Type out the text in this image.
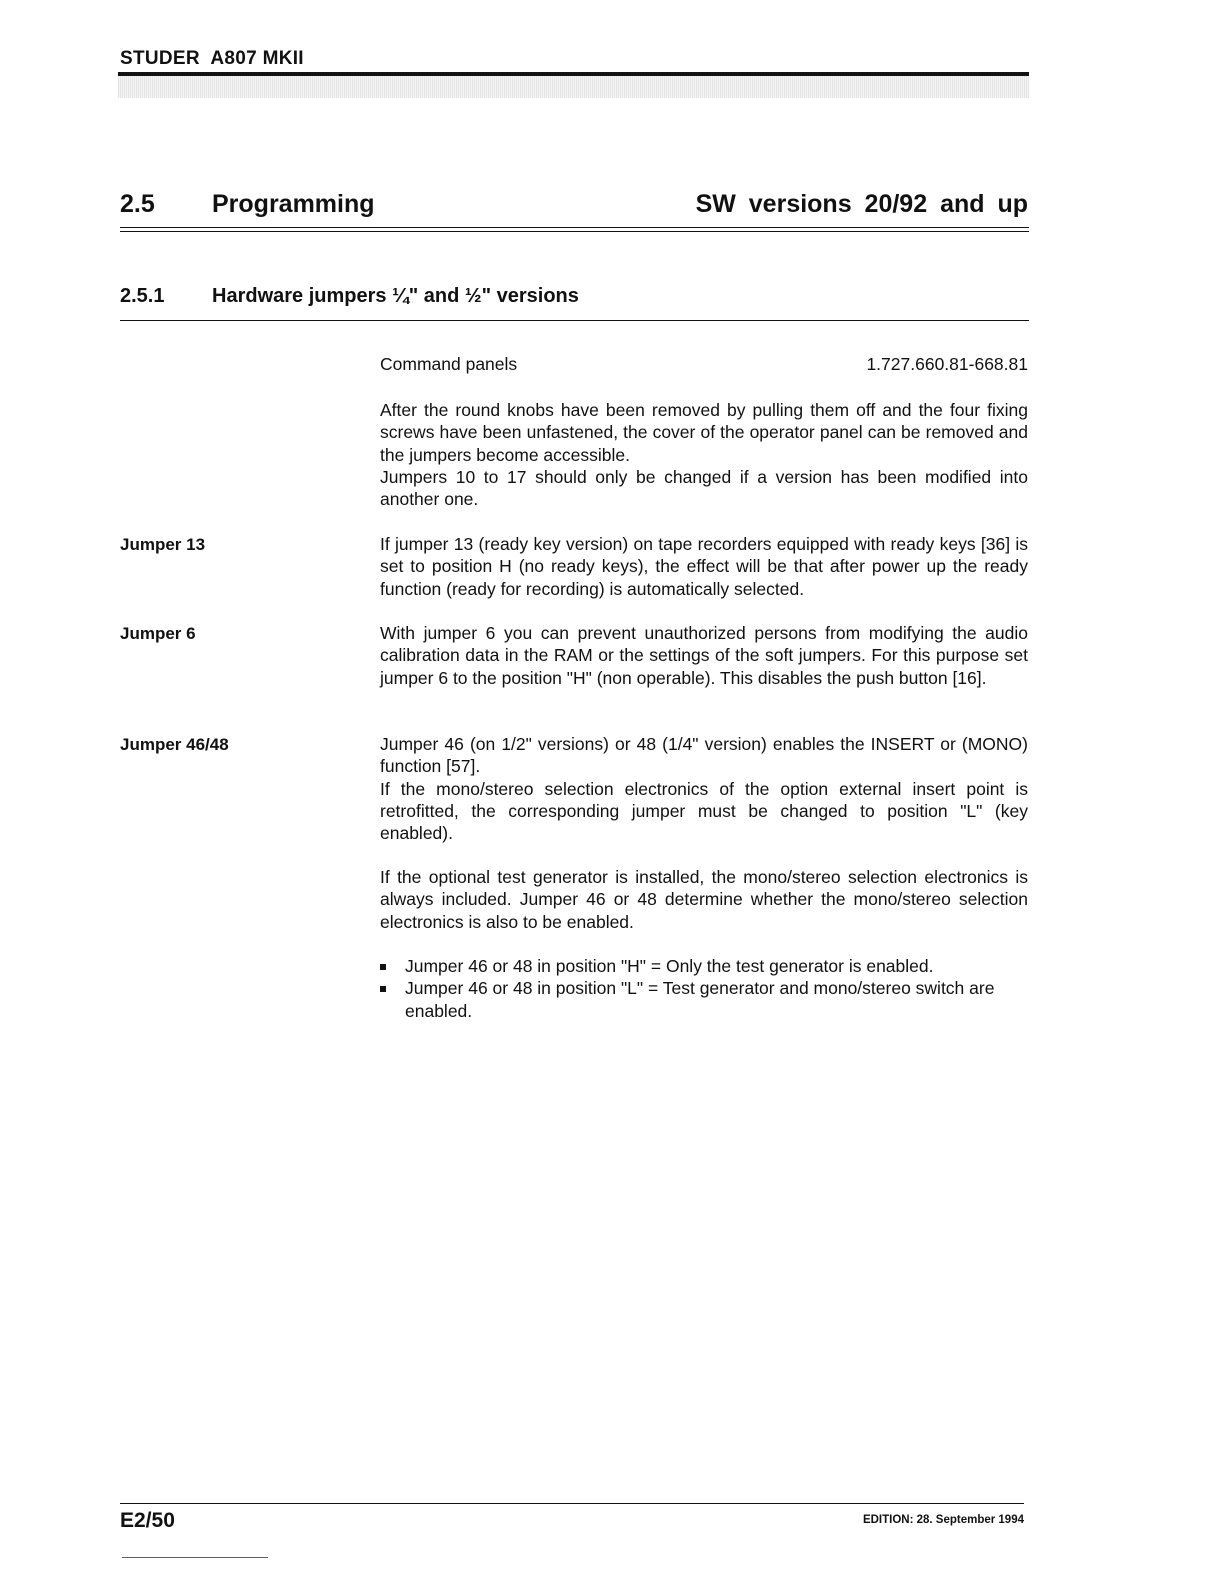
STUDER  A807 MKII
2.5 Programming	SW versions 20/92 and up
2.5.1 Hardware jumpers ¼" and ½" versions
Command panels	1.727.660.81-668.81
After the round knobs have been removed by pulling them off and the four fixing screws have been unfastened, the cover of the operator panel can be removed and the jumpers become accessible.
Jumpers 10 to 17 should only be changed if a version has been modified into another one.
Jumper 13	If jumper 13 (ready key version) on tape recorders equipped with ready keys [36] is set to position H (no ready keys), the effect will be that after power up the ready function (ready for recording) is automatically selected.

Jumper 6	With jumper 6 you can prevent unauthorized persons from modifying the audio calibration data in the RAM or the settings of the soft jumpers. For this purpose set jumper 6 to the position "H" (non operable). This disables the push button [16].

Jumper 46/48	Jumper 46 (on 1/2" versions) or 48 (1/4" version) enables the INSERT or (MONO) function [57].
If the mono/stereo selection electronics of the option external insert point is retrofitted, the corresponding jumper must be changed to position "L" (key enabled).

If the optional test generator is installed, the mono/stereo selection electronics is always included. Jumper 46 or 48 determine whether the mono/stereo selection electronics is also to be enabled.

Jumper 46 or 48 in position "H" = Only the test generator is enabled.
Jumper 46 or 48 in position "L" = Test generator and mono/stereo switch are enabled.
E2/50	EDITION: 28. September 1994
